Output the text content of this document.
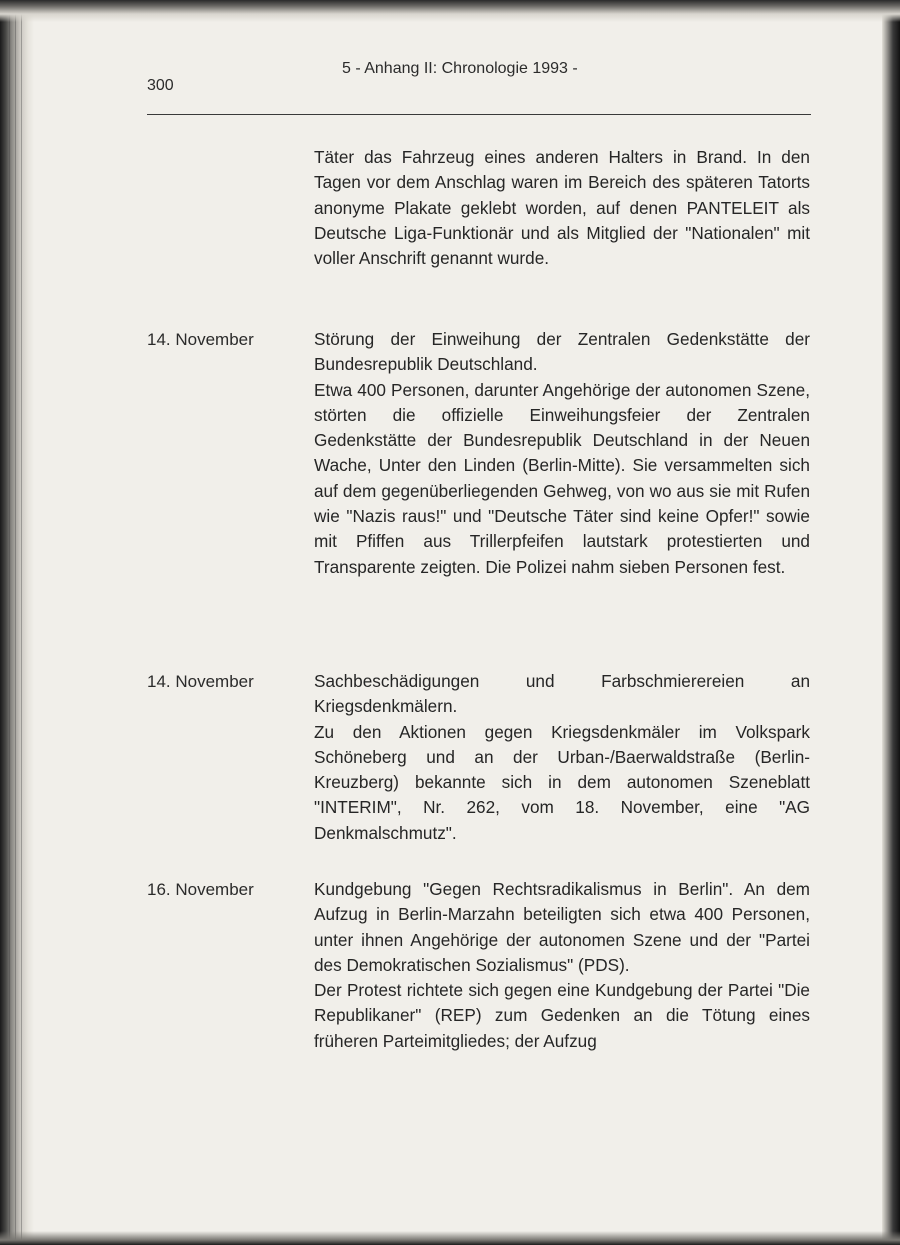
300
5 - Anhang II: Chronologie 1993 -

Täter das Fahrzeug eines anderen Halters in Brand. In den Tagen vor dem Anschlag waren im Bereich des späteren Tatorts anonyme Plakate geklebt worden, auf denen PANTELEIT als Deutsche Liga-Funktionär und als Mitglied der "Nationalen" mit voller Anschrift genannt wurde.

14. November	Störung der Einweihung der Zentralen Gedenkstätte der Bundesrepublik Deutschland.

Etwa 400 Personen, darunter Angehörige der autonomen Szene, störten die offizielle Einweihungsfeier der Zentralen Gedenkstätte der Bundesrepublik Deutschland in der Neuen Wache, Unter den Linden (Berlin-Mitte). Sie versammelten sich auf dem gegenüberliegenden Gehweg, von wo aus sie mit Rufen wie "Nazis raus!" und "Deutsche Täter sind keine Opfer!" sowie mit Pfiffen aus Trillerpfeifen lautstark protestierten und Transparente zeigten. Die Polizei nahm sieben Personen fest.

14. November	Sachbeschädigungen und Farbschmierereien an Kriegsdenkmälern.

Zu den Aktionen gegen Kriegsdenkmäler im Volkspark Schöneberg und an der Urban-/Baerwaldstraße (Berlin-Kreuzberg) bekannte sich in dem autonomen Szeneblatt "INTERIM", Nr. 262, vom 18. November, eine "AG Denkmalschmutz".

16. November	Kundgebung "Gegen Rechtsradikalismus in Berlin". An dem Aufzug in Berlin-Marzahn beteiligten sich etwa 400 Personen, unter ihnen Angehörige der autonomen Szene und der "Partei des Demokratischen Sozialismus" (PDS).

Der Protest richtete sich gegen eine Kundgebung der Partei "Die Republikaner" (REP) zum Gedenken an die Tötung eines früheren Parteimitgliedes; der Aufzug
